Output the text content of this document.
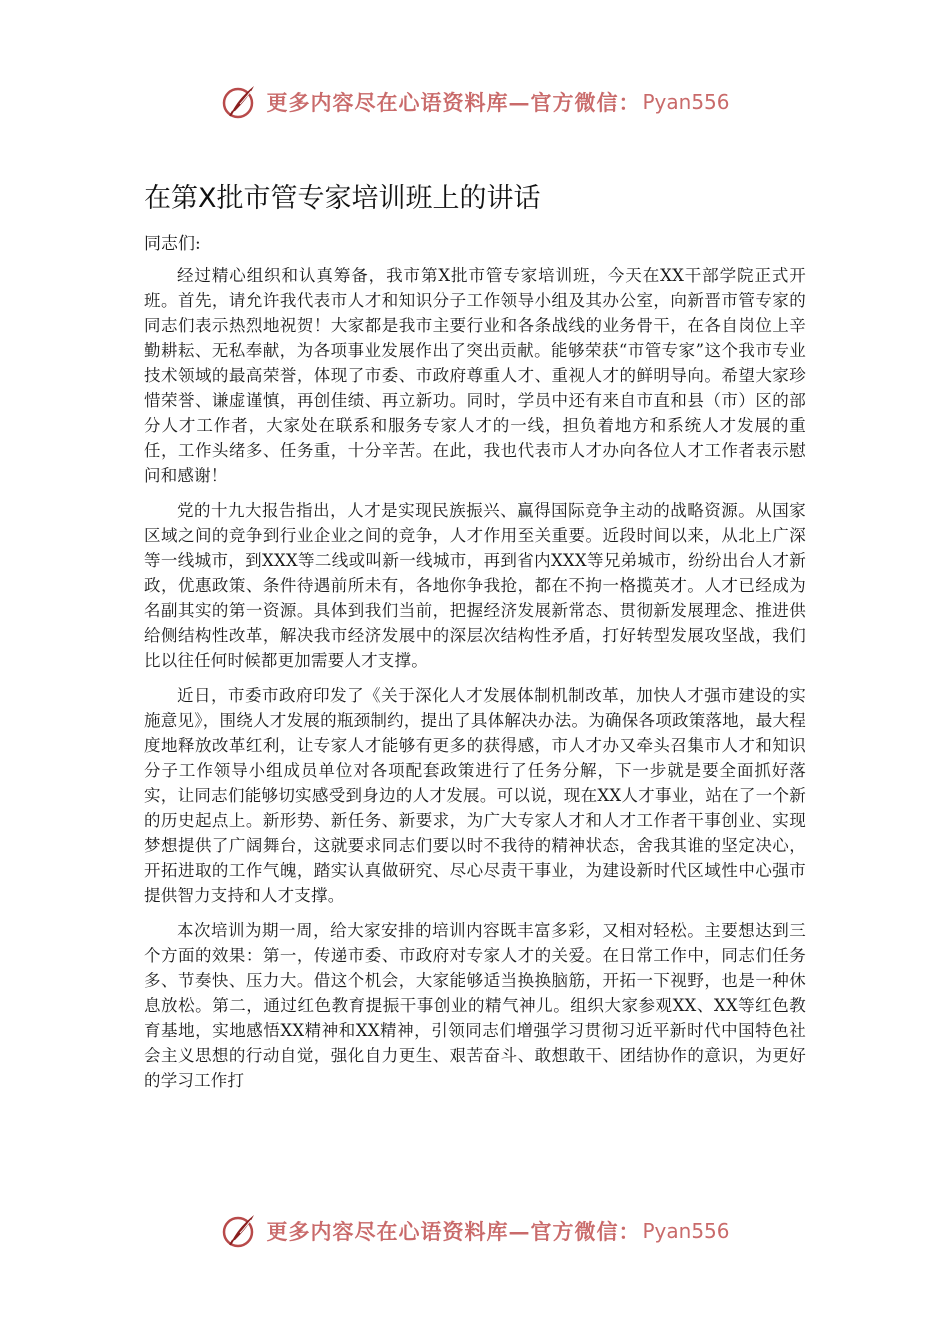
更多内容尽在心语资料库—官方微信： Pyan556
在第X批市管专家培训班上的讲话
同志们:

经过精心组织和认真筹备，我市第X批市管专家培训班，今天在XX干部学院正式开班。首先，请允许我代表市人才和知识分子工作领导小组及其办公室，向新晋市管专家的同志们表示热烈地祝贺！大家都是我市主要行业和各条战线的业务骨干，在各自岗位上辛勤耕耘、无私奉献，为各项事业发展作出了突出贡献。能够荣获“市管专家”这个我市专业技术领域的最高荣誉，体现了市委、市政府尊重人才、重视人才的鲜明导向。希望大家珍惜荣誉、谦虚谨慎，再创佳绩、再立新功。同时，学员中还有来自市直和县（市）区的部分人才工作者，大家处在联系和服务专家人才的一线，担负着地方和系统人才发展的重任，工作头绪多、任务重，十分辛苦。在此，我也代表市人才办向各位人才工作者表示慰问和感谢！

党的十九大报告指出，人才是实现民族振兴、赢得国际竞争主动的战略资源。从国家区域之间的竞争到行业企业之间的竞争，人才作用至关重要。近段时间以来，从北上广深等一线城市，到XXX等二线或叫新一线城市，再到省内XXX等兄弟城市，纷纷出台人才新政，优惠政策、条件待遇前所未有，各地你争我抢，都在不拘一格揽英才。人才已经成为名副其实的第一资源。具体到我们当前，把握经济发展新常态、贯彻新发展理念、推进供给侧结构性改革，解决我市经济发展中的深层次结构性矛盾，打好转型发展攻坚战，我们比以往任何时候都更加需要人才支撑。

近日，市委市政府印发了《关于深化人才发展体制机制改革，加快人才强市建设的实施意见》，围绕人才发展的瓶颈制约，提出了具体解决办法。为确保各项政策落地，最大程度地释放改革红利，让专家人才能够有更多的获得感，市人才办又牵头召集市人才和知识分子工作领导小组成员单位对各项配套政策进行了任务分解，下一步就是要全面抓好落实，让同志们能够切实感受到身边的人才发展。可以说，现在XX人才事业，站在了一个新的历史起点上。新形势、新任务、新要求，为广大专家人才和人才工作者干事创业、实现梦想提供了广阔舞台，这就要求同志们要以时不我待的精神状态，舍我其谁的坚定决心，开拓进取的工作气魄，踏实认真做研究、尽心尽责干事业，为建设新时代区域性中心强市提供智力支持和人才支撑。

本次培训为期一周，给大家安排的培训内容既丰富多彩，又相对轻松。主要想达到三个方面的效果：第一，传递市委、市政府对专家人才的关爱。在日常工作中，同志们任务多、节奏快、压力大。借这个机会，大家能够适当换换脑筋，开拓一下视野，也是一种休息放松。第二，通过红色教育提振干事创业的精气神儿。组织大家参观XX、XX等红色教育基地，实地感悟XX精神和XX精神，引领同志们增强学习贯彻习近平新时代中国特色社会主义思想的行动自觉，强化自力更生、艰苦奋斗、敢想敢干、团结协作的意识，为更好的学习工作打

更多内容尽在心语资料库—官方微信： Pyan556
